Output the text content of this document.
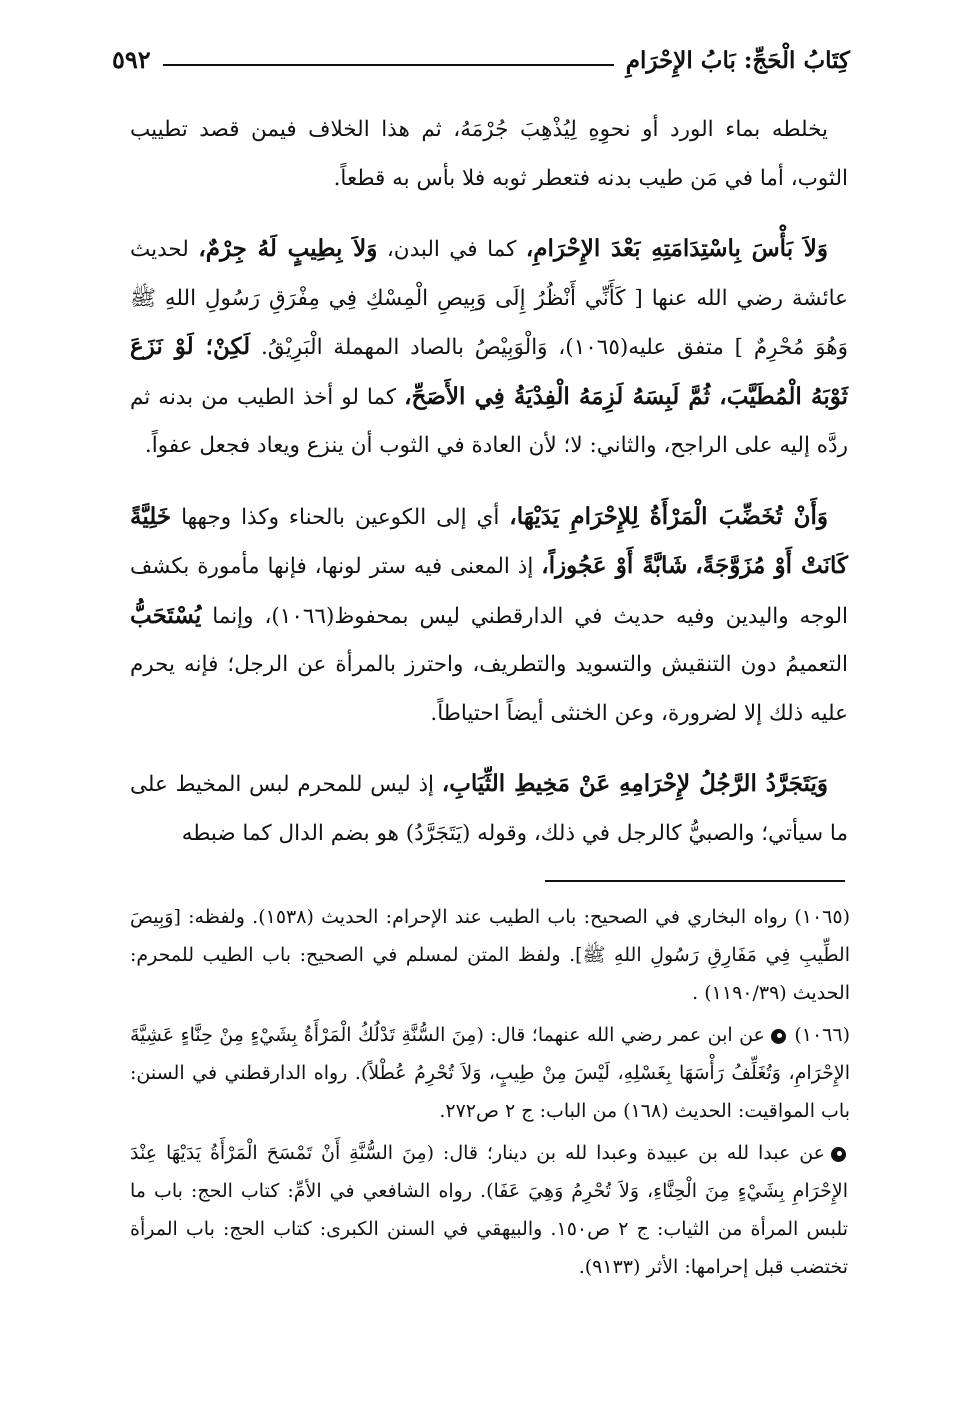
كِتَابُ الْحَجِّ: بَابُ الإِحْرَامِ
٥٩٢

يخلطه بماء الورد أو نحوِهِ لِيُذْهِبَ جُرْمَهُ، ثم هذا الخلاف فيمن قصد تطييب الثوب، أما في مَن طيب بدنه فتعطر ثوبه فلا بأس به قطعاً.

وَلاَ بَأْسَ بِاسْتِدَامَتِهِ بَعْدَ الإِحْرَامِ، كما في البدن، وَلاَ بِطِيبٍ لَهُ جِرْمٌ، لحديث عائشة رضي الله عنها [ كَأَنِّي أَنْظُرُ إِلَى وَبِيصِ الْمِسْكِ فِي مِفْرَقِ رَسُولِ اللهِ ﷺ وَهُوَ مُحْرِمٌ ] متفق عليه(١٠٦٥)، وَالْوَبِيْصُ بالصاد المهملة الْبَرِيْقُ. لَكِنْ؛ لَوْ نَزَعَ ثَوْبَهُ الْمُطَيَّبَ، ثُمَّ لَبِسَهُ لَزِمَهُ الْفِدْيَةُ فِي الأَصَحِّ، كما لو أخذ الطيب من بدنه ثم ردَّه إليه على الراجح، والثاني: لا؛ لأن العادة في الثوب أن ينزع ويعاد فجعل عفواً.

وَأَنْ تُخَضِّبَ الْمَرْأَةُ لِلإِحْرَامِ يَدَيْهَا، أي إلى الكوعين بالحناء وكذا وجهها خَلِيَّةً كَانَتْ أَوْ مُزَوَّجَةً، شَابَّةً أَوْ عَجُوزاً، إذ المعنى فيه ستر لونها، فإنها مأمورة بكشف الوجه واليدين وفيه حديث في الدارقطني ليس بمحفوظ(١٠٦٦)، وإنما يُسْتَحَبُّ التعميمُ دون التنقيش والتسويد والتطريف، واحترز بالمرأة عن الرجل؛ فإنه يحرم عليه ذلك إلا لضرورة، وعن الخنثى أيضاً احتياطاً.

وَيَتَجَرَّدُ الرَّجُلُ لإِحْرَامِهِ عَنْ مَخِيطِ الثِّيَابِ، إذ ليس للمحرم لبس المخيط على ما سيأتي؛ والصبيُّ كالرجل في ذلك، وقوله (يَتَجَرَّدُ) هو بضم الدال كما ضبطه

(١٠٦٥) رواه البخاري في الصحيح: باب الطيب عند الإحرام: الحديث (١٥٣٨). ولفظه: [وَبِيصَ الطِّيبِ فِي مَفَارِقِ رَسُولِ اللهِ ﷺ]. ولفظ المتن لمسلم في الصحيح: باب الطيب للمحرم: الحديث (١١٩٠/٣٩) .

(١٠٦٦) عن ابن عمر رضي الله عنهما؛ قال: (مِنَ السُّنَّةِ تَدْلُكُ الْمَرْأَةُ بِشَيْءٍ مِنْ حِنَّاءٍ عَشِيَّةَ الإِحْرَامِ، وَتُغَلِّفُ رَأْسَهَا بِغَسْلِهِ، لَيْسَ مِنْ طِيبٍ، وَلاَ تُحْرِمُ عُطْلاً). رواه الدارقطني في السنن: باب المواقيت: الحديث (١٦٨) من الباب: ج ٢ ص٢٧٢.

عن عبدا لله بن عبيدة وعبدا لله بن دينار؛ قال: (مِنَ السُّنَّةِ أَنْ تَمْسَحَ الْمَرْأَةُ يَدَيْهَا عِنْدَ الإِحْرَامِ بِشَيْءٍ مِنَ الْحِنَّاءِ، وَلاَ تُحْرِمُ وَهِيَ عَفَا). رواه الشافعي في الأمِّ: كتاب الحج: باب ما تلبس المرأة من الثياب: ج ٢ ص١٥٠. والبيهقي في السنن الكبرى: كتاب الحج: باب المرأة تختضب قبل إحرامها: الأثر (٩١٣٣).
